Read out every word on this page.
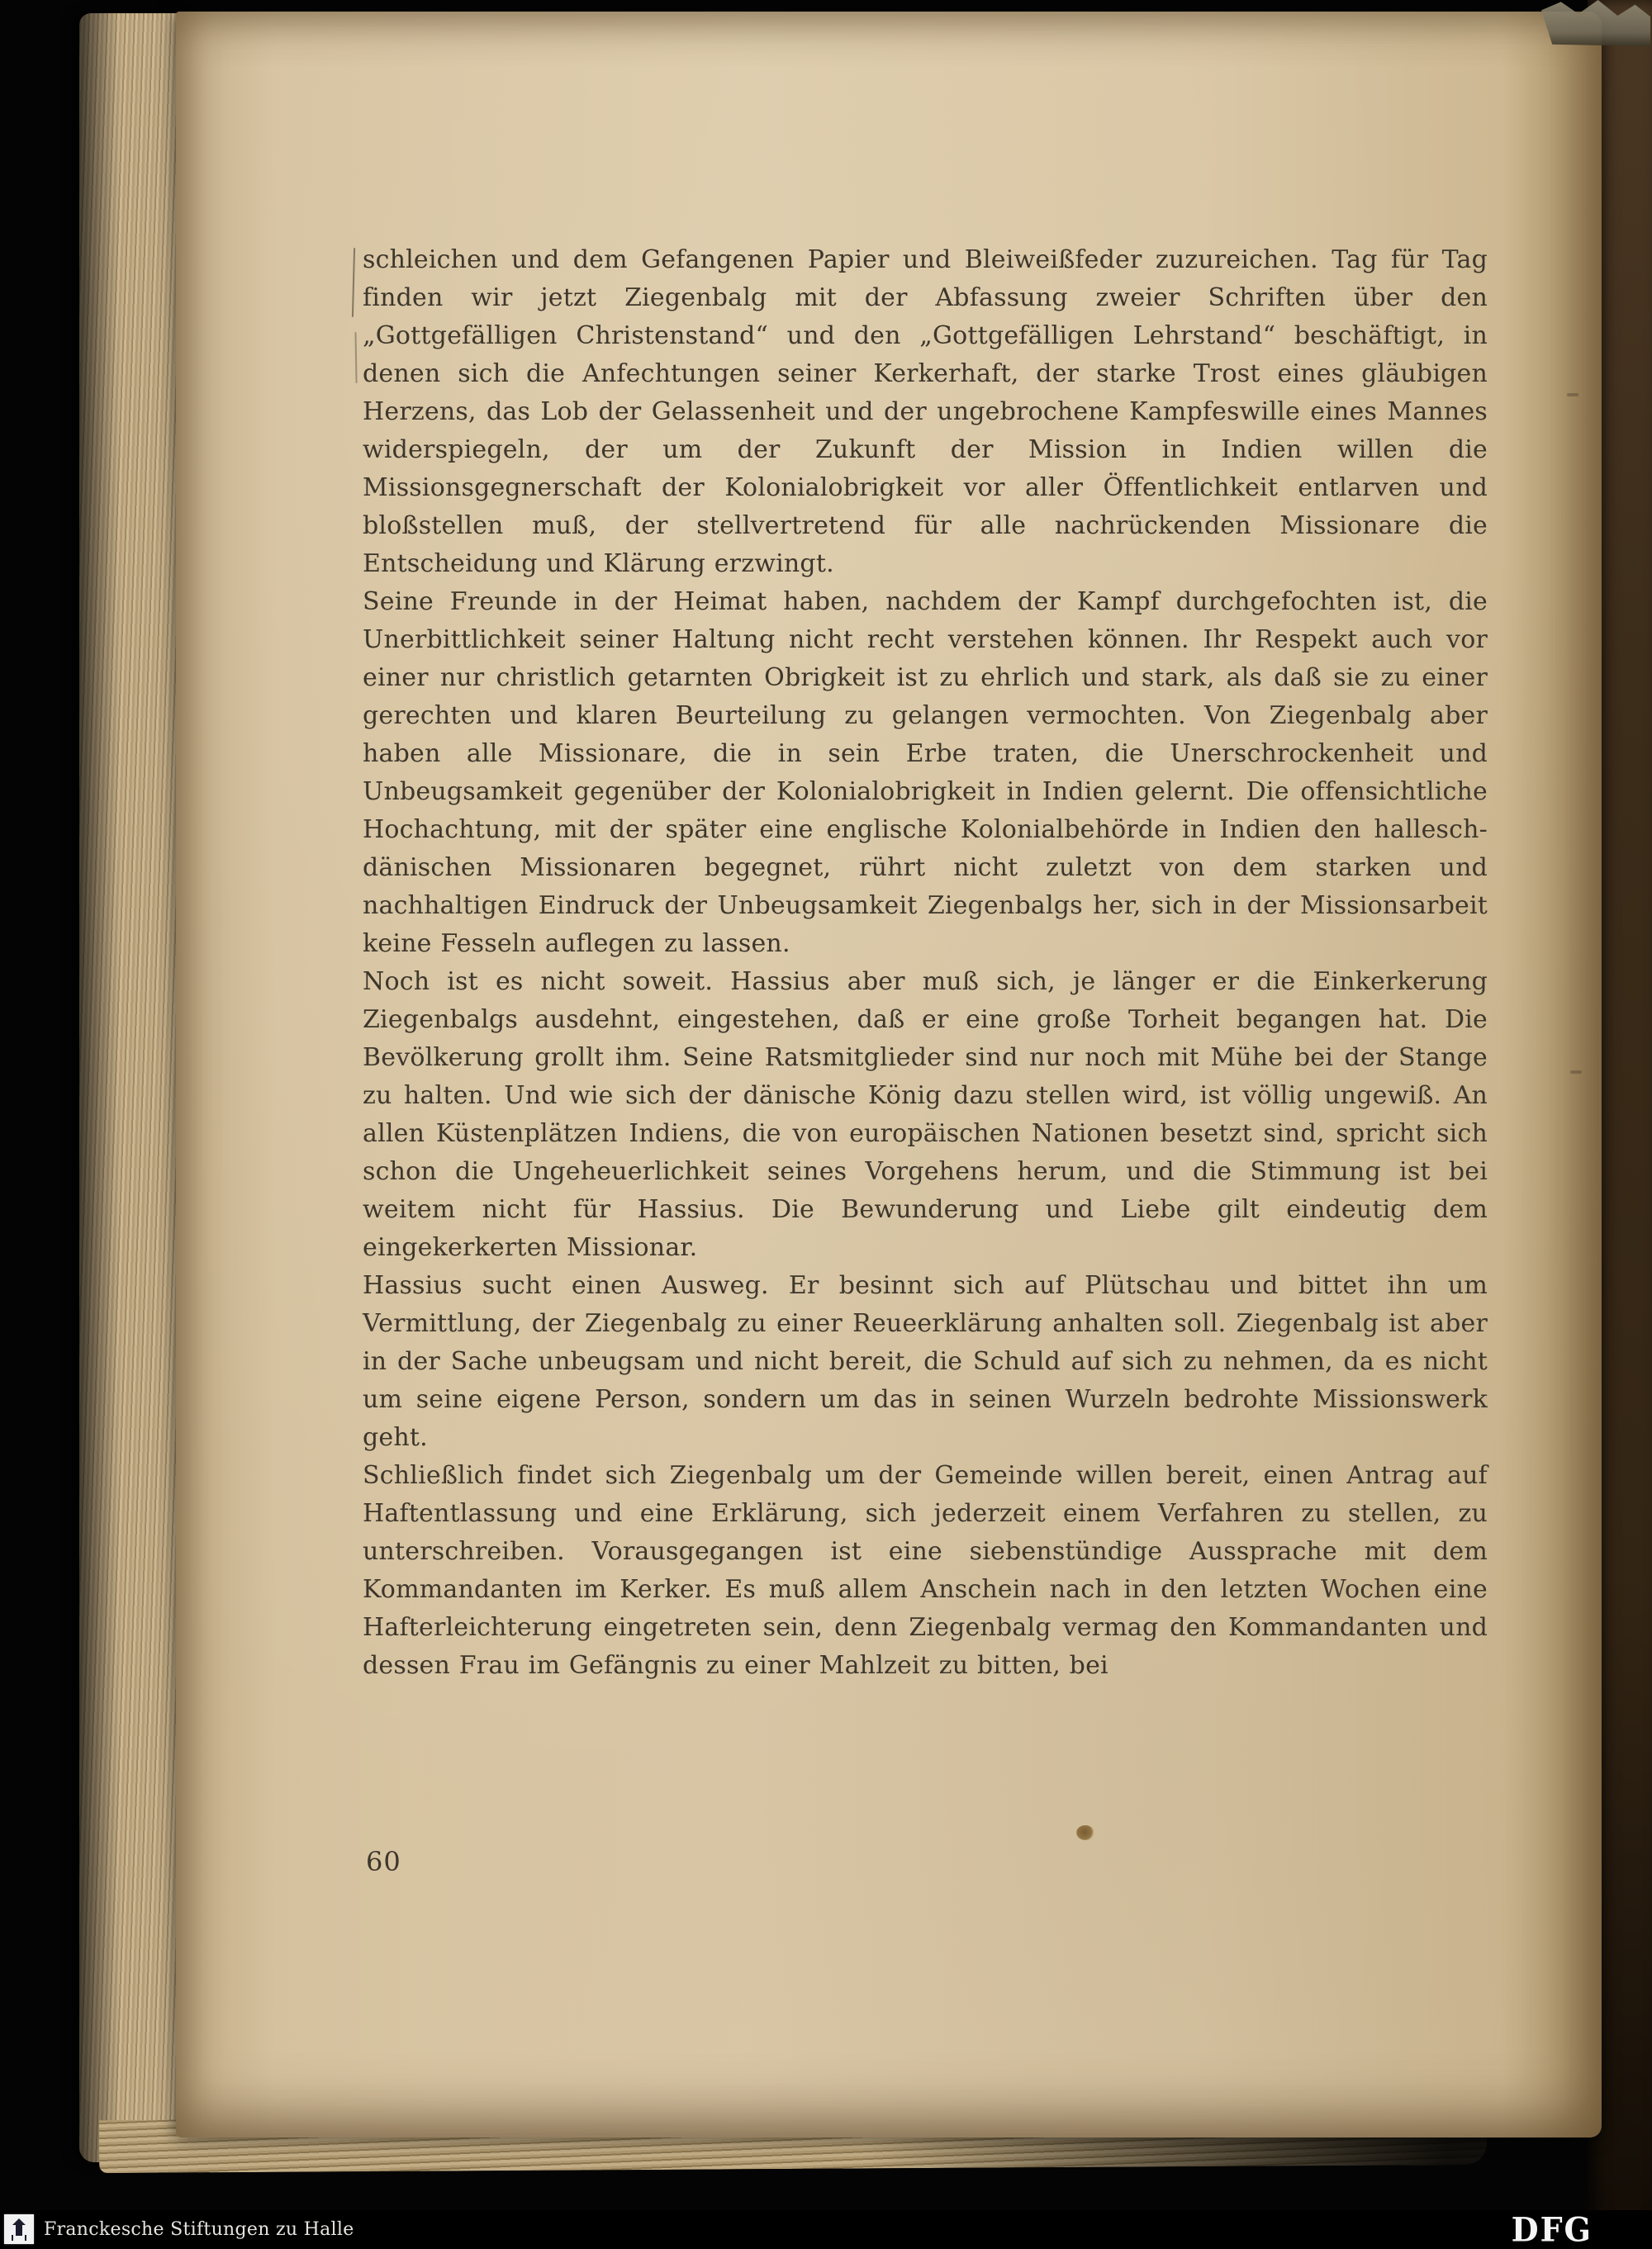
schleichen und dem Gefangenen Papier und Bleiweißfeder zuzureichen. Tag für Tag finden wir jetzt Ziegenbalg mit der Abfassung zweier Schriften über den „Gottgefälligen Christenstand“ und den „Gottgefälligen Lehrstand“ beschäftigt, in denen sich die Anfechtungen seiner Kerkerhaft, der starke Trost eines gläubigen Herzens, das Lob der Gelassenheit und der ungebrochene Kampfeswille eines Mannes widerspiegeln, der um der Zukunft der Mission in Indien willen die Missionsgegnerschaft der Kolonialobrigkeit vor aller Öffentlichkeit entlarven und bloßstellen muß, der stellvertretend für alle nachrückenden Missionare die Entscheidung und Klärung erzwingt.

Seine Freunde in der Heimat haben, nachdem der Kampf durchgefochten ist, die Unerbittlichkeit seiner Haltung nicht recht verstehen können. Ihr Respekt auch vor einer nur christlich getarnten Obrigkeit ist zu ehrlich und stark, als daß sie zu einer gerechten und klaren Beurteilung zu gelangen vermochten. Von Ziegenbalg aber haben alle Missionare, die in sein Erbe traten, die Unerschrockenheit und Unbeugsamkeit gegenüber der Kolonialobrigkeit in Indien gelernt. Die offensichtliche Hochachtung, mit der später eine englische Kolonialbehörde in Indien den hallesch-dänischen Missionaren begegnet, rührt nicht zuletzt von dem starken und nachhaltigen Eindruck der Unbeugsamkeit Ziegenbalgs her, sich in der Missionsarbeit keine Fesseln auflegen zu lassen.

Noch ist es nicht soweit. Hassius aber muß sich, je länger er die Einkerkerung Ziegenbalgs ausdehnt, eingestehen, daß er eine große Torheit begangen hat. Die Bevölkerung grollt ihm. Seine Ratsmitglieder sind nur noch mit Mühe bei der Stange zu halten. Und wie sich der dänische König dazu stellen wird, ist völlig ungewiß. An allen Küstenplätzen Indiens, die von europäischen Nationen besetzt sind, spricht sich schon die Ungeheuerlichkeit seines Vorgehens herum, und die Stimmung ist bei weitem nicht für Hassius. Die Bewunderung und Liebe gilt eindeutig dem eingekerkerten Missionar.

Hassius sucht einen Ausweg. Er besinnt sich auf Plütschau und bittet ihn um Vermittlung, der Ziegenbalg zu einer Reueerklärung anhalten soll. Ziegenbalg ist aber in der Sache unbeugsam und nicht bereit, die Schuld auf sich zu nehmen, da es nicht um seine eigene Person, sondern um das in seinen Wurzeln bedrohte Missionswerk geht.

Schließlich findet sich Ziegenbalg um der Gemeinde willen bereit, einen Antrag auf Haftentlassung und eine Erklärung, sich jederzeit einem Verfahren zu stellen, zu unterschreiben. Vorausgegangen ist eine siebenstündige Aussprache mit dem Kommandanten im Kerker. Es muß allem Anschein nach in den letzten Wochen eine Hafterleichterung eingetreten sein, denn Ziegenbalg vermag den Kommandanten und dessen Frau im Gefängnis zu einer Mahlzeit zu bitten, bei

60
Franckesche Stiftungen zu Halle	DFG
